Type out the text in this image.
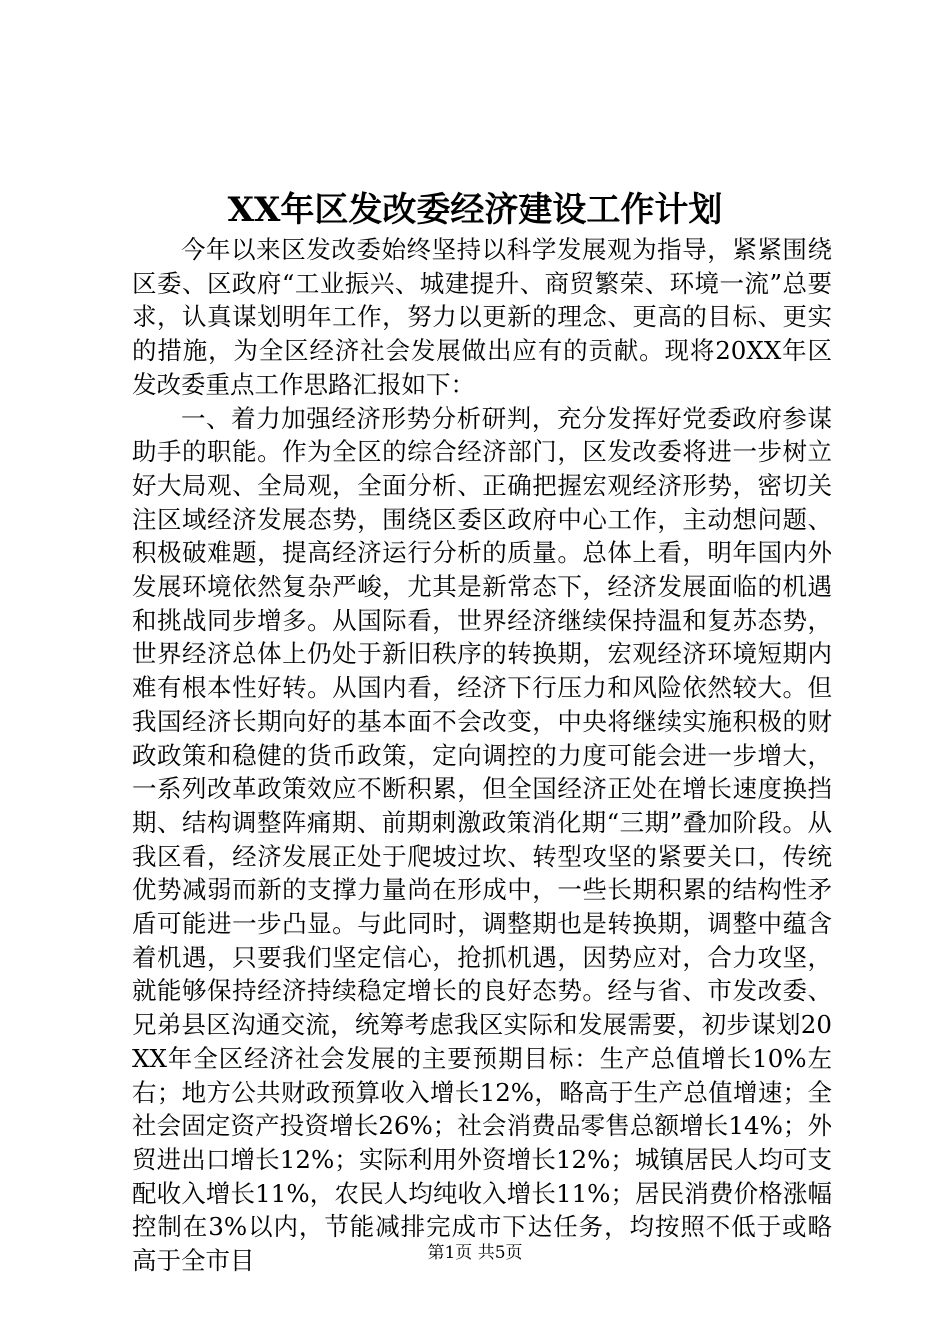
XX年区发改委经济建设工作计划

今年以来区发改委始终坚持以科学发展观为指导，紧紧围绕区委、区政府“工业振兴、城建提升、商贸繁荣、环境一流”总要求，认真谋划明年工作，努力以更新的理念、更高的目标、更实的措施，为全区经济社会发展做出应有的贡献。现将20XX年区发改委重点工作思路汇报如下：

一、着力加强经济形势分析研判，充分发挥好党委政府参谋助手的职能。作为全区的综合经济部门，区发改委将进一步树立好大局观、全局观，全面分析、正确把握宏观经济形势，密切关注区域经济发展态势，围绕区委区政府中心工作，主动想问题、积极破难题，提高经济运行分析的质量。总体上看，明年国内外发展环境依然复杂严峻，尤其是新常态下，经济发展面临的机遇和挑战同步增多。从国际看，世界经济继续保持温和复苏态势，世界经济总体上仍处于新旧秩序的转换期，宏观经济环境短期内难有根本性好转。从国内看，经济下行压力和风险依然较大。但我国经济长期向好的基本面不会改变，中央将继续实施积极的财政政策和稳健的货币政策，定向调控的力度可能会进一步增大，一系列改革政策效应不断积累，但全国经济正处在增长速度换挡期、结构调整阵痛期、前期刺激政策消化期“三期”叠加阶段。从我区看，经济发展正处于爬坡过坎、转型攻坚的紧要关口，传统优势减弱而新的支撑力量尚在形成中，一些长期积累的结构性矛盾可能进一步凸显。与此同时，调整期也是转换期，调整中蕴含着机遇，只要我们坚定信心，抢抓机遇，因势应对，合力攻坚，就能够保持经济持续稳定增长的良好态势。经与省、市发改委、兄弟县区沟通交流，统筹考虑我区实际和发展需要，初步谋划20XX年全区经济社会发展的主要预期目标：生产总值增长10%左右；地方公共财政预算收入增长12%，略高于生产总值增速；全社会固定资产投资增长26%；社会消费品零售总额增长14%；外贸进出口增长12%；实际利用外资增长12%；城镇居民人均可支配收入增长11%，农民人均纯收入增长11%；居民消费价格涨幅控制在3%以内，节能减排完成市下达任务，均按照不低于或略高于全市目	第1页 共5页
